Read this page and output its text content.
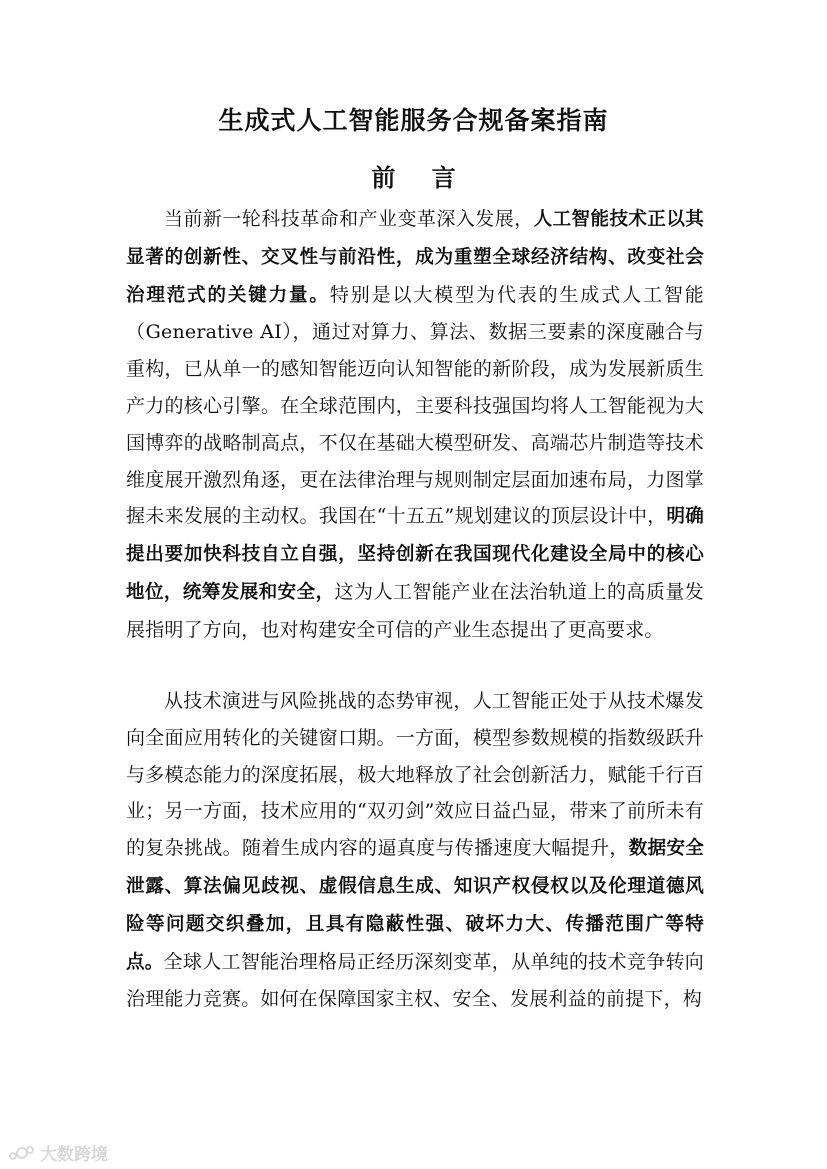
生成式人工智能服务合规备案指南
前 言

当前新一轮科技革命和产业变革深入发展，人工智能技术正以其显著的创新性、交叉性与前沿性，成为重塑全球经济结构、改变社会治理范式的关键力量。特别是以大模型为代表的生成式人工智能（Generative AI），通过对算力、算法、数据三要素的深度融合与重构，已从单一的感知智能迈向认知智能的新阶段，成为发展新质生产力的核心引擎。在全球范围内，主要科技强国均将人工智能视为大国博弈的战略制高点，不仅在基础大模型研发、高端芯片制造等技术维度展开激烈角逐，更在法律治理与规则制定层面加速布局，力图掌握未来发展的主动权。我国在“十五五”规划建议的顶层设计中，明确提出要加快科技自立自强，坚持创新在我国现代化建设全局中的核心地位，统筹发展和安全，这为人工智能产业在法治轨道上的高质量发展指明了方向，也对构建安全可信的产业生态提出了更高要求。

从技术演进与风险挑战的态势审视，人工智能正处于从技术爆发向全面应用转化的关键窗口期。一方面，模型参数规模的指数级跃升与多模态能力的深度拓展，极大地释放了社会创新活力，赋能千行百业；另一方面，技术应用的“双刃剑”效应日益凸显，带来了前所未有的复杂挑战。随着生成内容的逼真度与传播速度大幅提升，数据安全泄露、算法偏见歧视、虚假信息生成、知识产权侵权以及伦理道德风险等问题交织叠加，且具有隐蔽性强、破坏力大、传播范围广等特点。全球人工智能治理格局正经历深刻变革，从单纯的技术竞争转向治理能力竞赛。如何在保障国家主权、安全、发展利益的前提下，构

大数跨境
